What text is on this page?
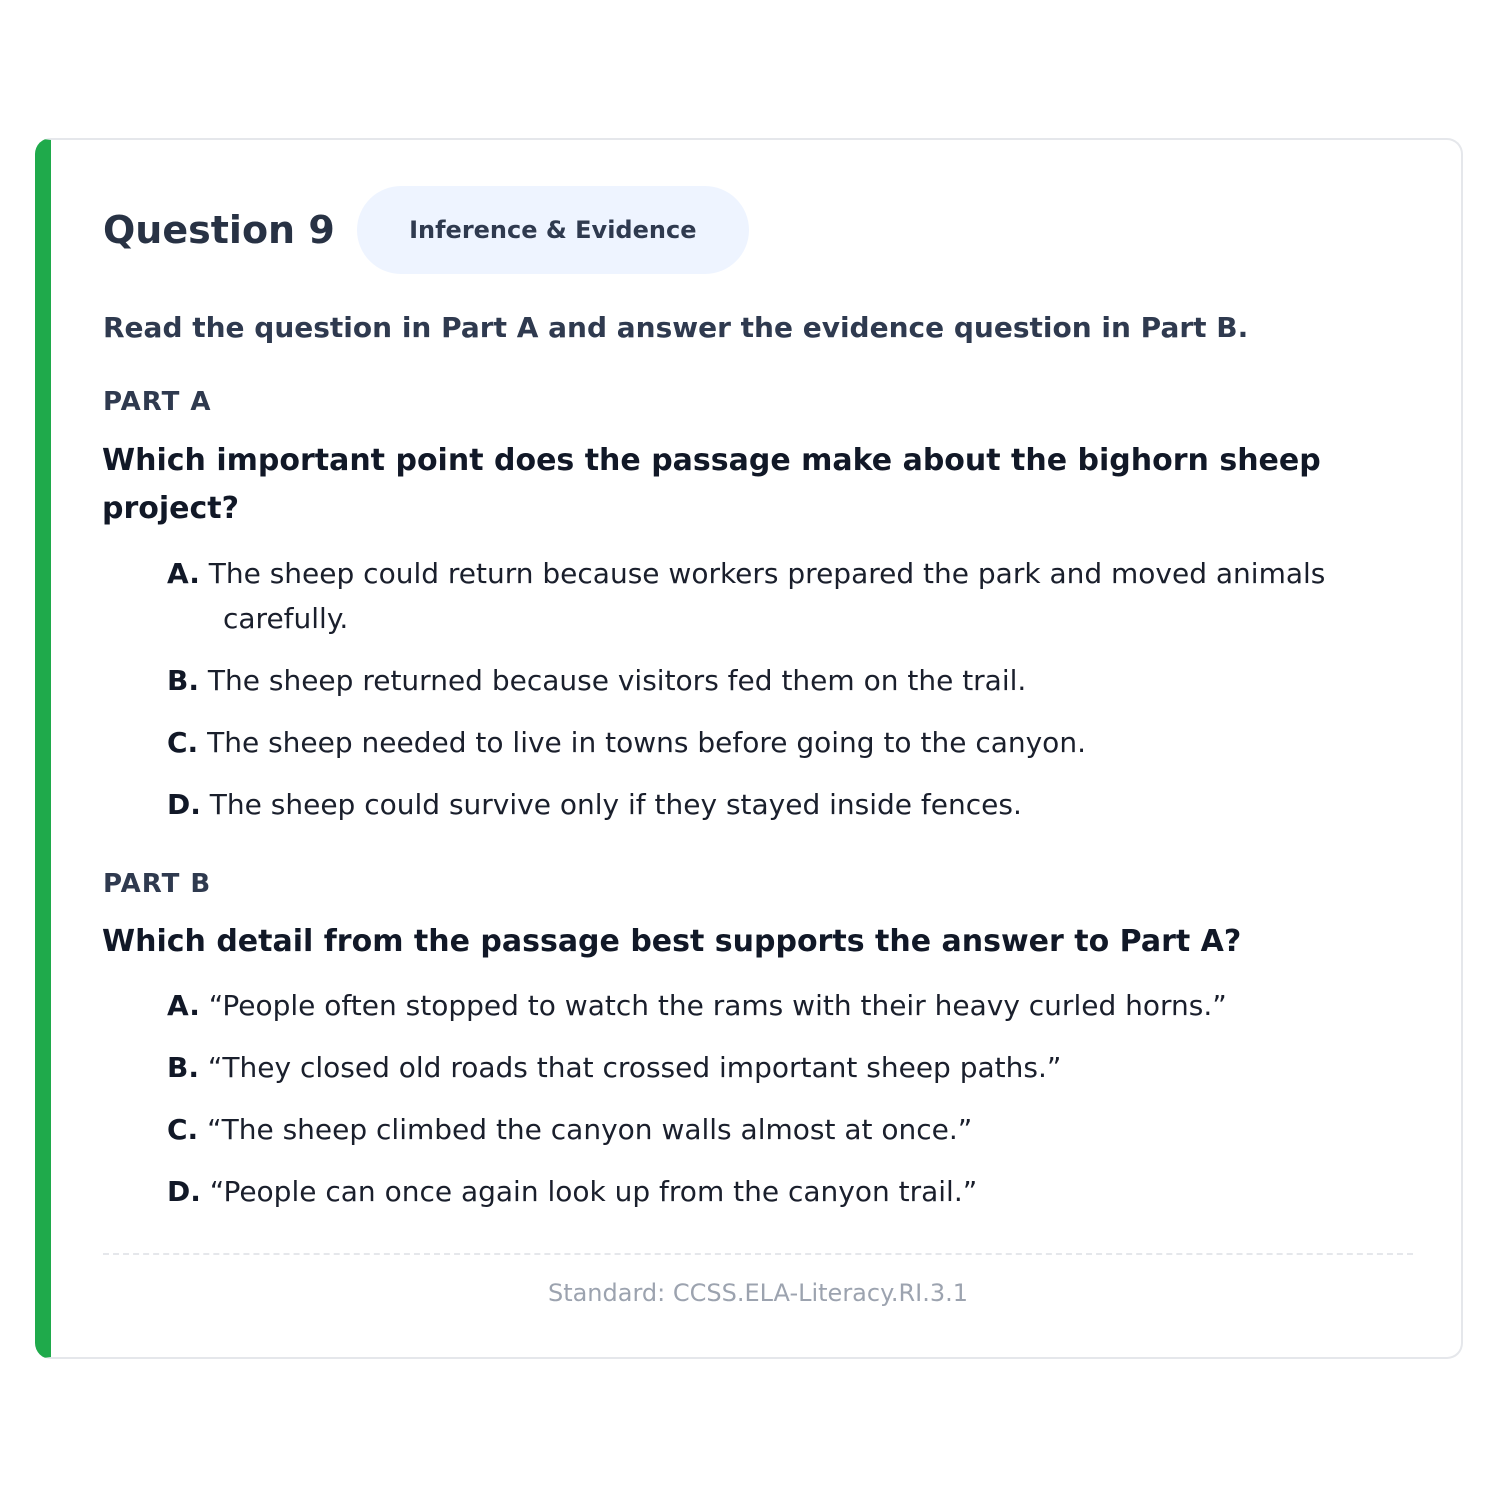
Question 9	Inference & Evidence
Read the question in Part A and answer the evidence question in Part B.
PART A
Which important point does the passage make about the bighorn sheep project?
A. The sheep could return because workers prepared the park and moved animals carefully.
B. The sheep returned because visitors fed them on the trail.
C. The sheep needed to live in towns before going to the canyon.
D. The sheep could survive only if they stayed inside fences.
PART B
Which detail from the passage best supports the answer to Part A?
A. “People often stopped to watch the rams with their heavy curled horns.”
B. “They closed old roads that crossed important sheep paths.”
C. “The sheep climbed the canyon walls almost at once.”
D. “People can once again look up from the canyon trail.”
Standard: CCSS.ELA-Literacy.RI.3.1
